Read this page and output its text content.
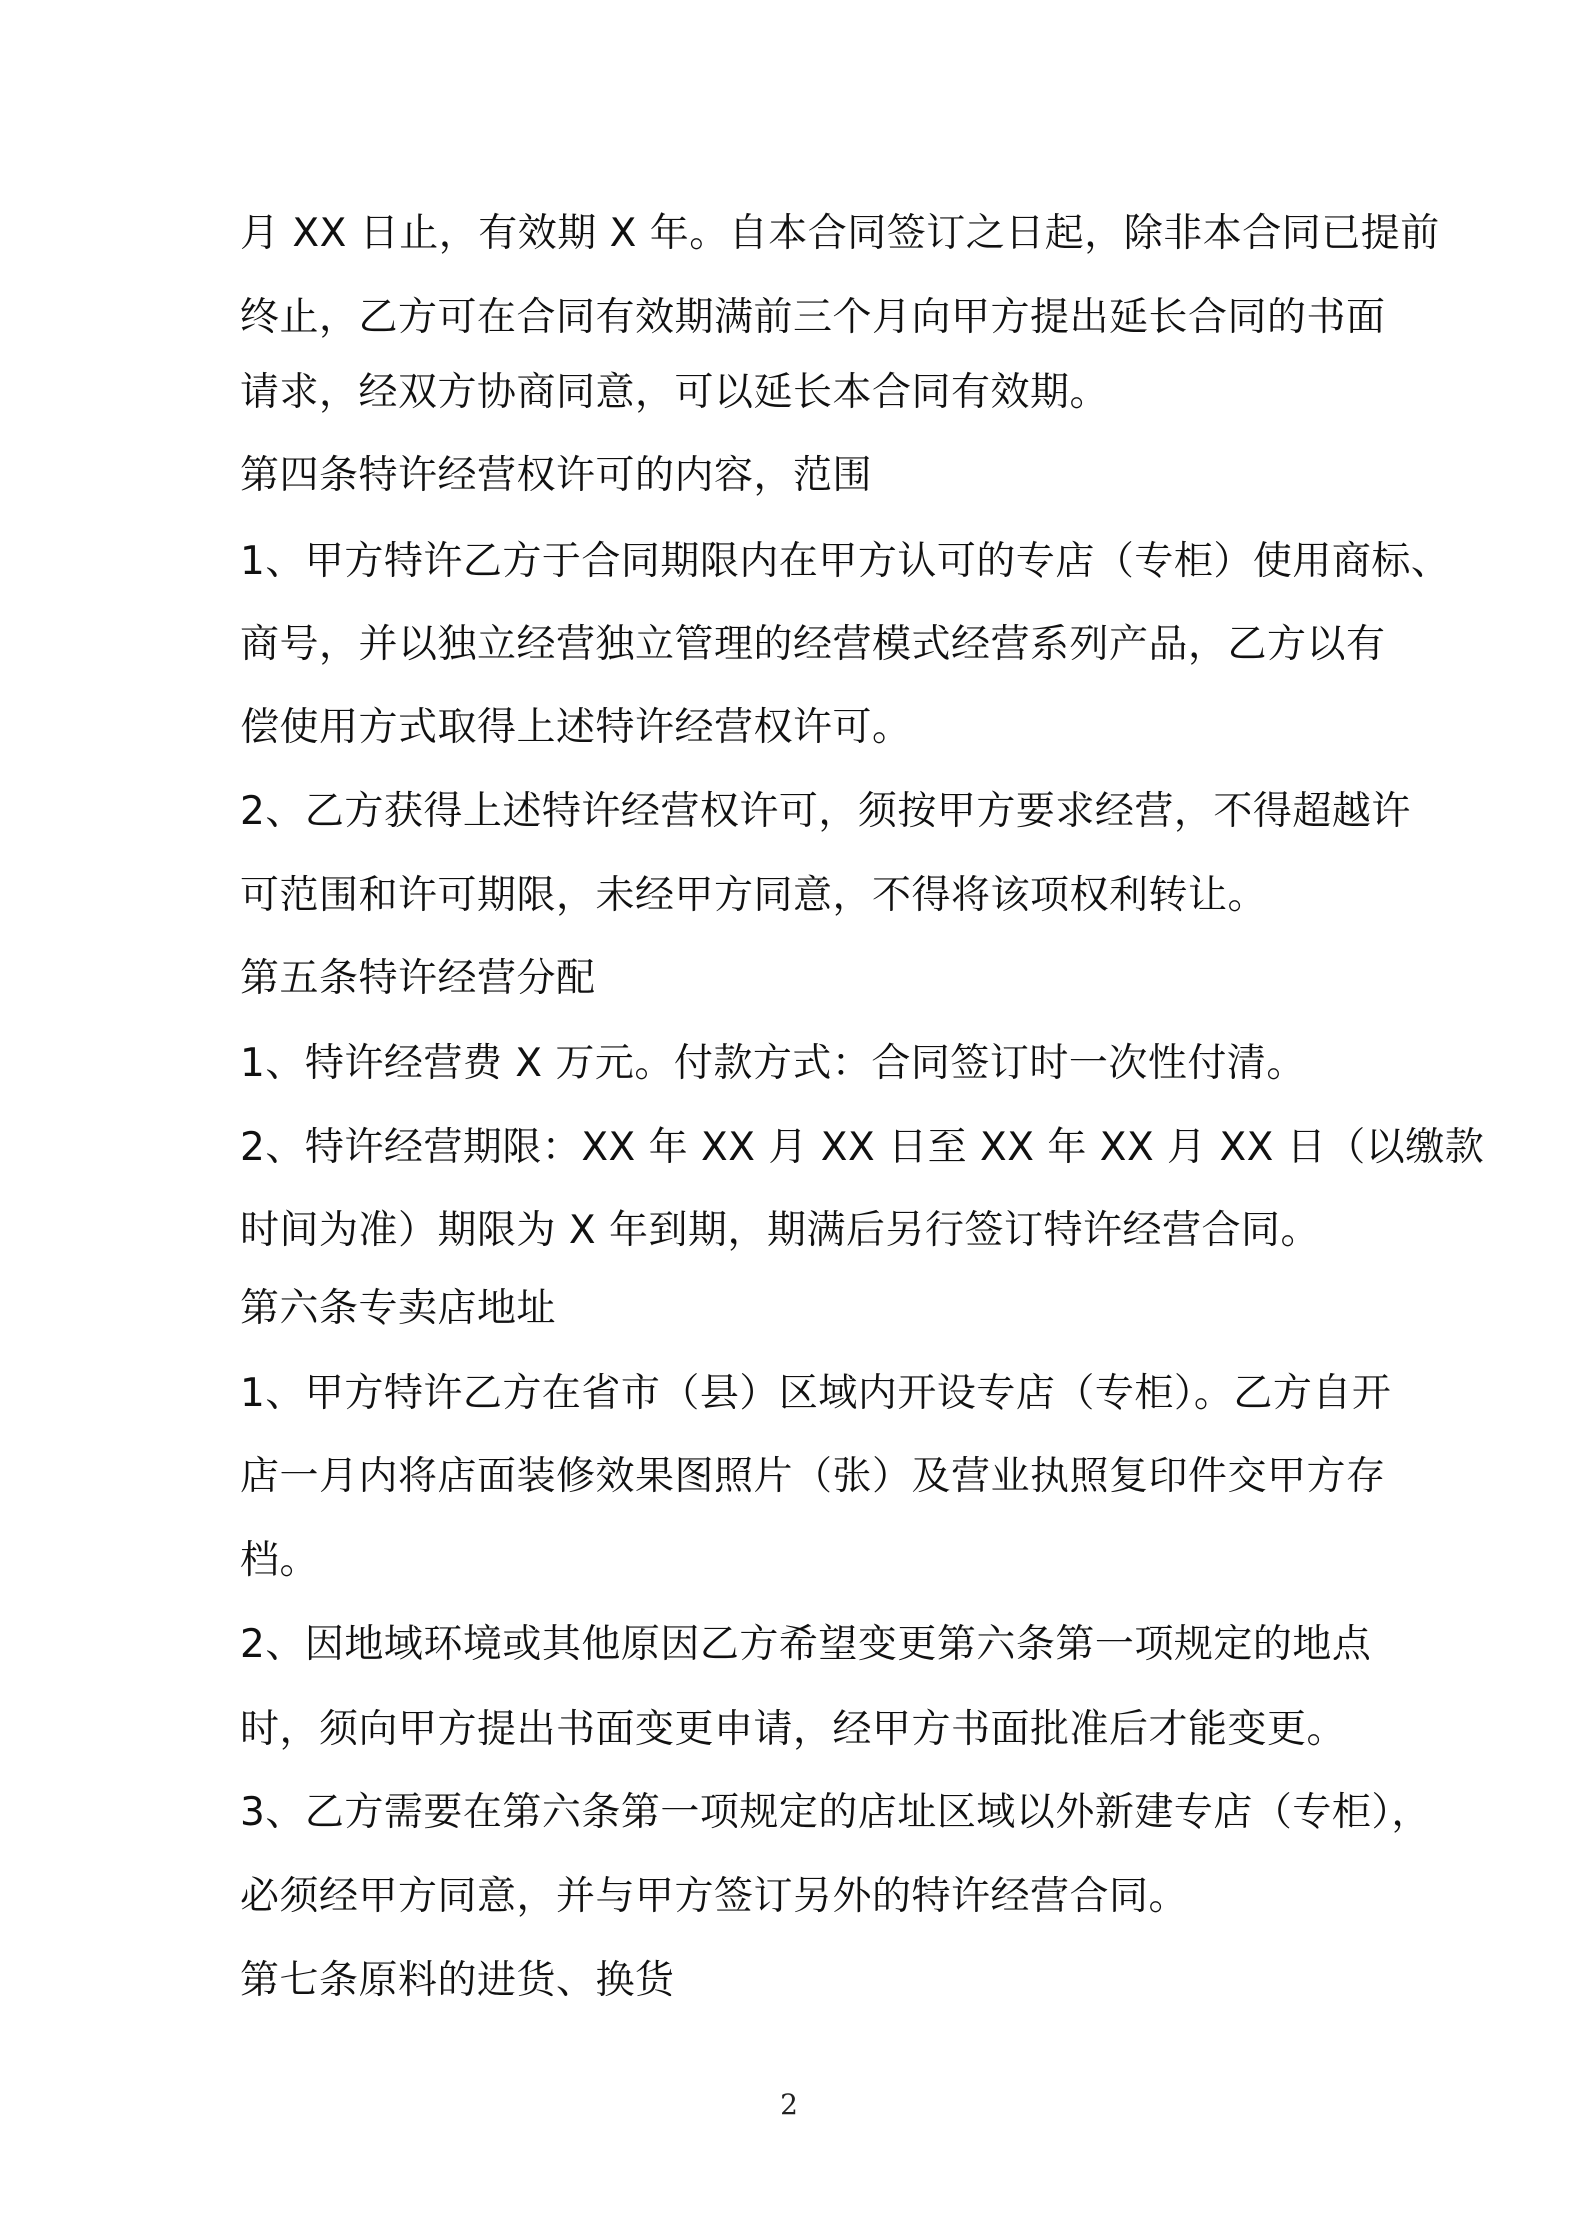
月 XX 日止，有效期 X 年。自本合同签订之日起，除非本合同已提前
终止，乙方可在合同有效期满前三个月向甲方提出延长合同的书面
请求，经双方协商同意，可以延长本合同有效期。
第四条特许经营权许可的内容，范围
1、甲方特许乙方于合同期限内在甲方认可的专店（专柜）使用商标、
商号，并以独立经营独立管理的经营模式经营系列产品，乙方以有
偿使用方式取得上述特许经营权许可。
2、乙方获得上述特许经营权许可，须按甲方要求经营，不得超越许
可范围和许可期限，未经甲方同意，不得将该项权利转让。
第五条特许经营分配
1、特许经营费 X 万元。付款方式：合同签订时一次性付清。
2、特许经营期限：XX 年 XX 月 XX 日至 XX 年 XX 月 XX 日（以缴款
时间为准）期限为 X 年到期，期满后另行签订特许经营合同。
第六条专卖店地址
1、甲方特许乙方在省市（县）区域内开设专店（专柜）。乙方自开
店一月内将店面装修效果图照片（张）及营业执照复印件交甲方存
档。
2、因地域环境或其他原因乙方希望变更第六条第一项规定的地点
时，须向甲方提出书面变更申请，经甲方书面批准后才能变更。
3、乙方需要在第六条第一项规定的店址区域以外新建专店（专柜），
必须经甲方同意，并与甲方签订另外的特许经营合同。
第七条原料的进货、换货
2
